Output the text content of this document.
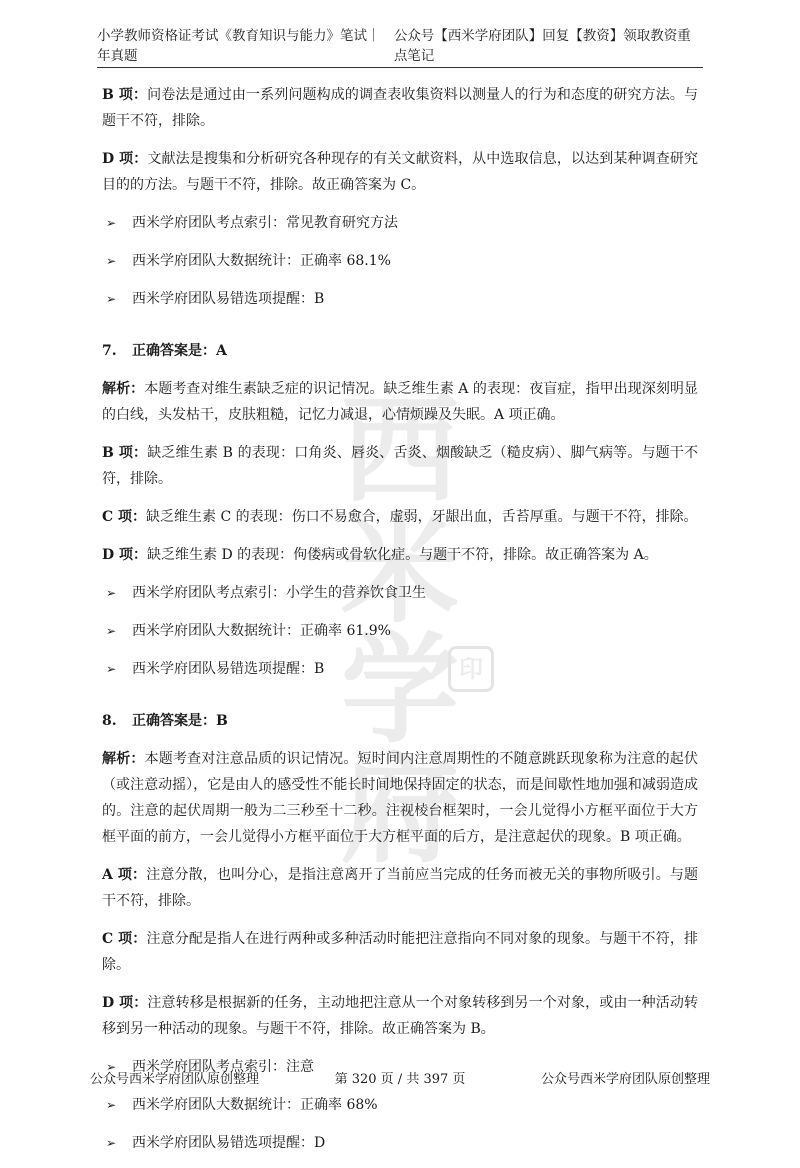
小学教师资格证考试《教育知识与能力》笔试｜年真题
公众号【西米学府团队】回复【教资】领取教资重点笔记
西
米
学
府
印

B 项：问卷法是通过由一系列问题构成的调查表收集资料以测量人的行为和态度的研究方法。与题干不符，排除。

D 项：文献法是搜集和分析研究各种现存的有关文献资料，从中选取信息，以达到某种调查研究目的的方法。与题干不符，排除。故正确答案为 C。

➢	西米学府团队考点索引：常见教育研究方法
➢	西米学府团队大数据统计：正确率 68.1%
➢	西米学府团队易错选项提醒：B
7. 正确答案是：A

解析：本题考查对维生素缺乏症的识记情况。缺乏维生素 A 的表现：夜盲症，指甲出现深刻明显的白线，头发枯干，皮肤粗糙，记忆力减退，心情烦躁及失眠。A 项正确。

B 项：缺乏维生素 B 的表现：口角炎、唇炎、舌炎、烟酸缺乏（糙皮病）、脚气病等。与题干不符，排除。

C 项：缺乏维生素 C 的表现：伤口不易愈合，虚弱，牙龈出血，舌苔厚重。与题干不符，排除。

D 项：缺乏维生素 D 的表现：佝偻病或骨软化症。与题干不符，排除。故正确答案为 A。

➢	西米学府团队考点索引：小学生的营养饮食卫生
➢	西米学府团队大数据统计：正确率 61.9%
➢	西米学府团队易错选项提醒：B
8. 正确答案是：B

解析：本题考查对注意品质的识记情况。短时间内注意周期性的不随意跳跃现象称为注意的起伏（或注意动摇），它是由人的感受性不能长时间地保持固定的状态，而是间歇性地加强和减弱造成的。注意的起伏周期一般为二三秒至十二秒。注视棱台框架时，一会儿觉得小方框平面位于大方框平面的前方，一会儿觉得小方框平面位于大方框平面的后方，是注意起伏的现象。B 项正确。

A 项：注意分散，也叫分心，是指注意离开了当前应当完成的任务而被无关的事物所吸引。与题干不符，排除。

C 项：注意分配是指人在进行两种或多种活动时能把注意指向不同对象的现象。与题干不符，排除。

D 项：注意转移是根据新的任务，主动地把注意从一个对象转移到另一个对象，或由一种活动转移到另一种活动的现象。与题干不符，排除。故正确答案为 B。

➢	西米学府团队考点索引：注意
➢	西米学府团队大数据统计：正确率 68%
➢	西米学府团队易错选项提醒：D
公众号西米学府团队原创整理	第 320 页 / 共 397 页	公众号西米学府团队原创整理
